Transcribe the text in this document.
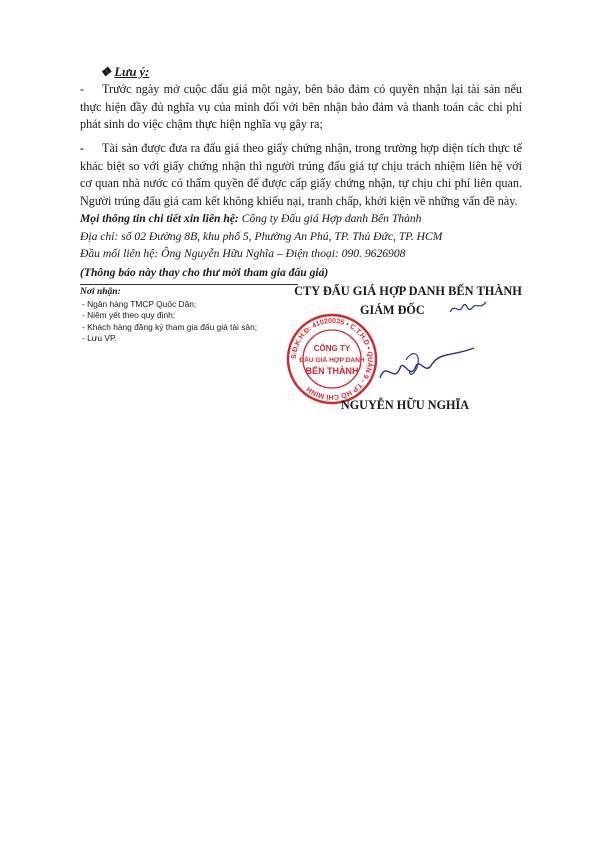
❖ Lưu ý:
- Trước ngày mở cuộc đấu giá một ngày, bên bảo đảm có quyền nhận lại tài sản nếu thực hiện đầy đủ nghĩa vụ của mình đối với bên nhận bảo đảm và thanh toán các chi phí phát sinh do việc chậm thực hiện nghĩa vụ gây ra;
- Tài sản được đưa ra đấu giá theo giấy chứng nhận, trong trường hợp diện tích thực tế khác biệt so với giấy chứng nhận thì người trúng đấu giá tự chịu trách nhiệm liên hệ với cơ quan nhà nước có thẩm quyền để được cấp giấy chứng nhận, tự chịu chi phí liên quan. Người trúng đấu giá cam kết không khiếu nại, tranh chấp, khởi kiện về những vấn đề này.
Mọi thông tin chi tiết xin liên hệ: Công ty Đấu giá Hợp danh Bến Thành
Địa chỉ: số 02 Đường 8B, khu phố 5, Phường An Phú, TP. Thủ Đức, TP. HCM
Đầu mối liên hệ: Ông Nguyễn Hữu Nghĩa – Điện thoại: 090. 9626908
(Thông báo này thay cho thư mời tham gia đấu giá)
Nơi nhận:
- Ngân hàng TMCP Quốc Dân;
- Niêm yết theo quy định;
- Khách hàng đăng ký tham gia đấu giá tài sản;
- Lưu VP.
CTY ĐẤU GIÁ HỢP DANH BẾN THÀNH
GIÁM ĐỐC
S.Đ.K.H.Đ: 41020035 • C.T.H.D • QUẬN 9 - T.P HỒ CHÍ MINH
CÔNG TY
ĐẤU GIÁ HỢP DANH
BẾN THÀNH
NGUYỄN HỮU NGHĨA
